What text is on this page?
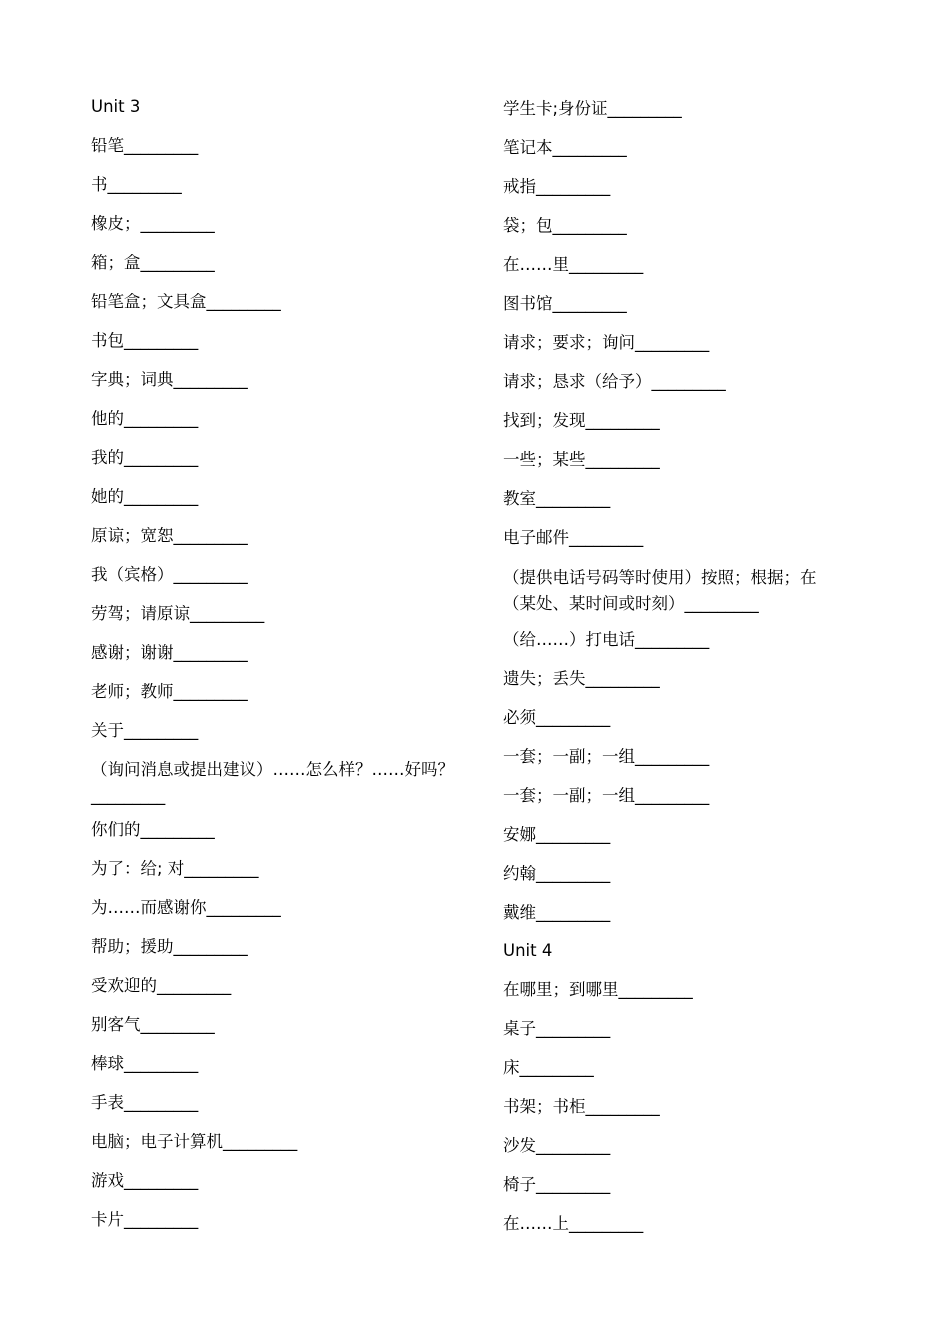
Unit 3
铅笔_________
书_________
橡皮；_________
箱；盒_________
铅笔盒；文具盒_________
书包_________
字典；词典_________
他的_________
我的_________
她的_________
原谅；宽恕_________
我（宾格）_________
劳驾；请原谅_________
感谢；谢谢_________
老师；教师_________
关于_________
（询问消息或提出建议）……怎么样？……好吗？_________
你们的_________
为了：给; 对_________
为……而感谢你_________
帮助；援助_________
受欢迎的_________
别客气_________
棒球_________
手表_________
电脑；电子计算机_________
游戏_________
卡片_________
学生卡;身份证_________
笔记本_________
戒指_________
袋；包_________
在……里_________
图书馆_________
请求；要求；询问_________
请求；恳求（给予）_________
找到；发现_________
一些；某些_________
教室_________
电子邮件_________
（提供电话号码等时使用）按照；根据；在（某处、某时间或时刻）_________
（给……）打电话_________
遗失；丢失_________
必须_________
一套；一副；一组_________
一套；一副；一组_________
安娜_________
约翰_________
戴维_________
Unit 4
在哪里；到哪里_________
桌子_________
床_________
书架；书柜_________
沙发_________
椅子_________
在……上_________
